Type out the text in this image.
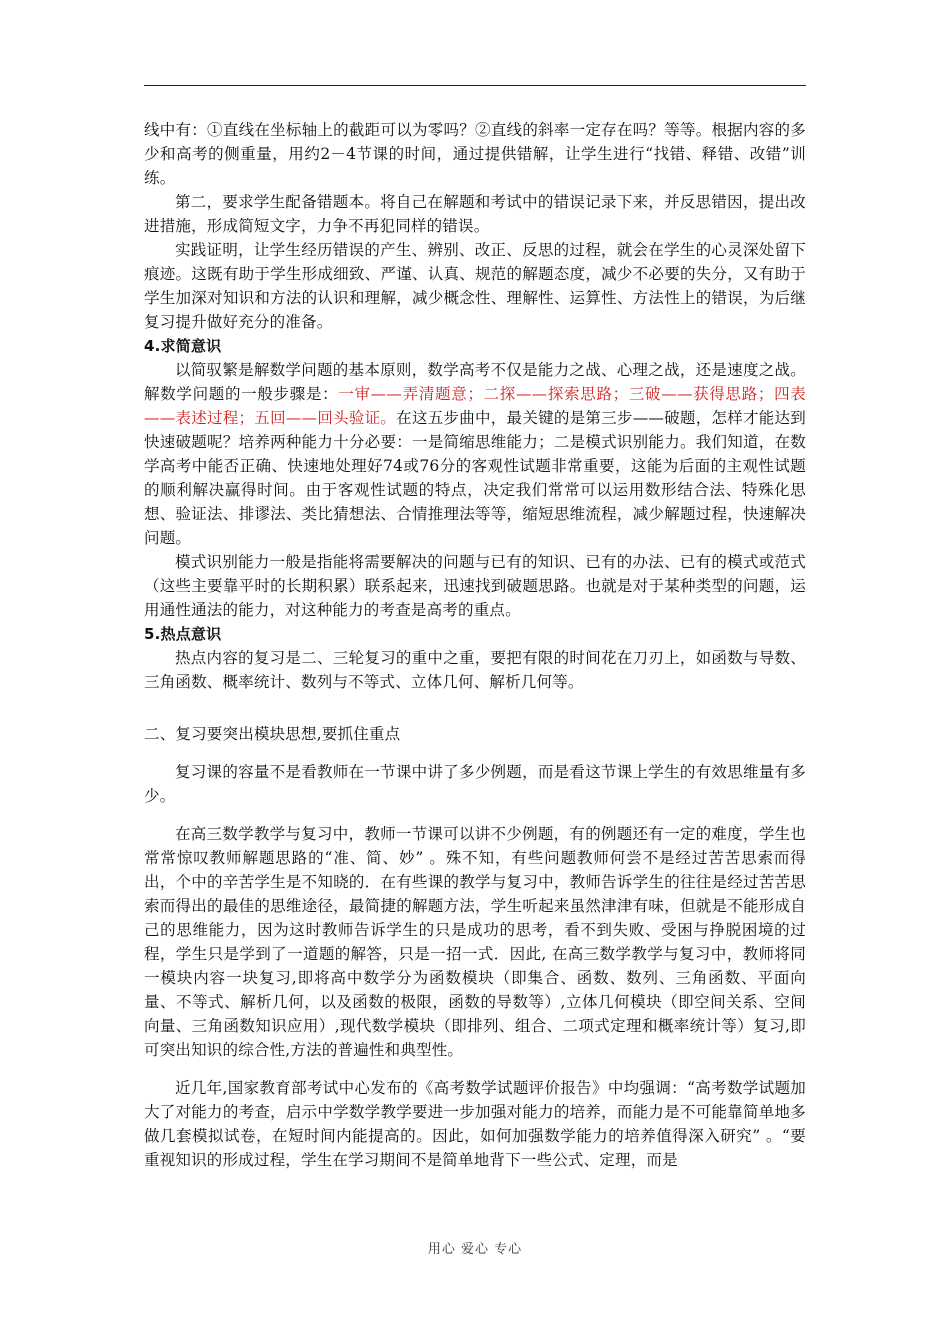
线中有：①直线在坐标轴上的截距可以为零吗？②直线的斜率一定存在吗？等等。根据内容的多少和高考的侧重量，用约2－4节课的时间，通过提供错解，让学生进行“找错、释错、改错”训练。

第二，要求学生配备错题本。将自己在解题和考试中的错误记录下来，并反思错因，提出改进措施，形成简短文字，力争不再犯同样的错误。

实践证明，让学生经历错误的产生、辨别、改正、反思的过程，就会在学生的心灵深处留下痕迹。这既有助于学生形成细致、严谨、认真、规范的解题态度，减少不必要的失分，又有助于学生加深对知识和方法的认识和理解，减少概念性、理解性、运算性、方法性上的错误，为后继复习提升做好充分的准备。

4.求简意识

以简驭繁是解数学问题的基本原则，数学高考不仅是能力之战、心理之战，还是速度之战。解数学问题的一般步骤是：一审——弄清题意；二探——探索思路；三破——获得思路；四表——表述过程；五回——回头验证。在这五步曲中，最关键的是第三步——破题，怎样才能达到快速破题呢？培养两种能力十分必要：一是简缩思维能力；二是模式识别能力。我们知道，在数学高考中能否正确、快速地处理好74或76分的客观性试题非常重要，这能为后面的主观性试题的顺利解决赢得时间。由于客观性试题的特点，决定我们常常可以运用数形结合法、特殊化思想、验证法、排谬法、类比猜想法、合情推理法等等，缩短思维流程，减少解题过程，快速解决问题。

模式识别能力一般是指能将需要解决的问题与已有的知识、已有的办法、已有的模式或范式（这些主要靠平时的长期积累）联系起来，迅速找到破题思路。也就是对于某种类型的问题，运用通性通法的能力，对这种能力的考查是高考的重点。

5.热点意识

热点内容的复习是二、三轮复习的重中之重，要把有限的时间花在刀刃上，如函数与导数、三角函数、概率统计、数列与不等式、立体几何、解析几何等。

二、复习要突出模块思想,要抓住重点

复习课的容量不是看教师在一节课中讲了多少例题，而是看这节课上学生的有效思维量有多少。

在高三数学教学与复习中，教师一节课可以讲不少例题，有的例题还有一定的难度，学生也常常惊叹教师解题思路的“准、简、妙” 。殊不知，有些问题教师何尝不是经过苦苦思索而得出，个中的辛苦学生是不知晓的．在有些课的教学与复习中，教师告诉学生的往往是经过苦苦思索而得出的最佳的思维途径，最简捷的解题方法，学生听起来虽然津津有味，但就是不能形成自己的思维能力，因为这时教师告诉学生的只是成功的思考，看不到失败、受困与挣脱困境的过程，学生只是学到了一道题的解答，只是一招一式．因此, 在高三数学教学与复习中，教师将同一模块内容一块复习,即将高中数学分为函数模块（即集合、函数、数列、三角函数、平面向量、不等式、解析几何，以及函数的极限，函数的导数等）,立体几何模块（即空间关系、空间向量、三角函数知识应用）,现代数学模块（即排列、组合、二项式定理和概率统计等）复习,即可突出知识的综合性,方法的普遍性和典型性。

近几年,国家教育部考试中心发布的《高考数学试题评价报告》中均强调：“高考数学试题加大了对能力的考查，启示中学数学教学要进一步加强对能力的培养，而能力是不可能靠简单地多做几套模拟试卷，在短时间内能提高的。因此，如何加强数学能力的培养值得深入研究” 。“要重视知识的形成过程，学生在学习期间不是简单地背下一些公式、定理，而是

用心 爱心 专心
